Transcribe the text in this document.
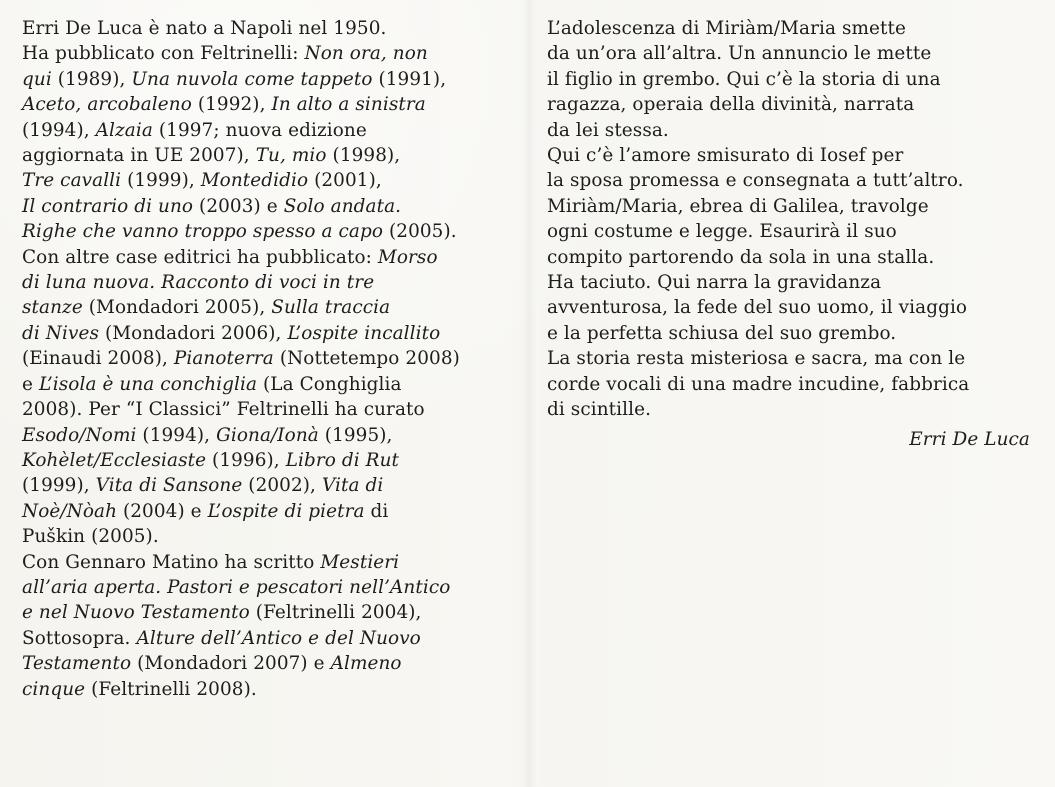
Erri De Luca è nato a Napoli nel 1950.
Ha pubblicato con Feltrinelli: Non ora, non
qui (1989), Una nuvola come tappeto (1991),
Aceto, arcobaleno (1992), In alto a sinistra
(1994), Alzaia (1997; nuova edizione
aggiornata in UE 2007), Tu, mio (1998),
Tre cavalli (1999), Montedidio (2001),
Il contrario di uno (2003) e Solo andata.
Righe che vanno troppo spesso a capo (2005).
Con altre case editrici ha pubblicato: Morso
di luna nuova. Racconto di voci in tre
stanze (Mondadori 2005), Sulla traccia
di Nives (Mondadori 2006), L’ospite incallito
(Einaudi 2008), Pianoterra (Nottetempo 2008)
e L’isola è una conchiglia (La Conghiglia
2008). Per “I Classici” Feltrinelli ha curato
Esodo/Nomi (1994), Giona/Ionà (1995),
Kohèlet/Ecclesiaste (1996), Libro di Rut
(1999), Vita di Sansone (2002), Vita di
Noè/Nòah (2004) e L’ospite di pietra di
Puškin (2005).
Con Gennaro Matino ha scritto Mestieri
all’aria aperta. Pastori e pescatori nell’Antico
e nel Nuovo Testamento (Feltrinelli 2004),
Sottosopra. Alture dell’Antico e del Nuovo
Testamento (Mondadori 2007) e Almeno
cinque (Feltrinelli 2008).
L’adolescenza di Miriàm/Maria smette
da un’ora all’altra. Un annuncio le mette
il figlio in grembo. Qui c’è la storia di una
ragazza, operaia della divinità, narrata
da lei stessa.
Qui c’è l’amore smisurato di Iosef per
la sposa promessa e consegnata a tutt’altro.
Miriàm/Maria, ebrea di Galilea, travolge
ogni costume e legge. Esaurirà il suo
compito partorendo da sola in una stalla.
Ha taciuto. Qui narra la gravidanza
avventurosa, la fede del suo uomo, il viaggio
e la perfetta schiusa del suo grembo.
La storia resta misteriosa e sacra, ma con le
corde vocali di una madre incudine, fabbrica
di scintille.
Erri De Luca
